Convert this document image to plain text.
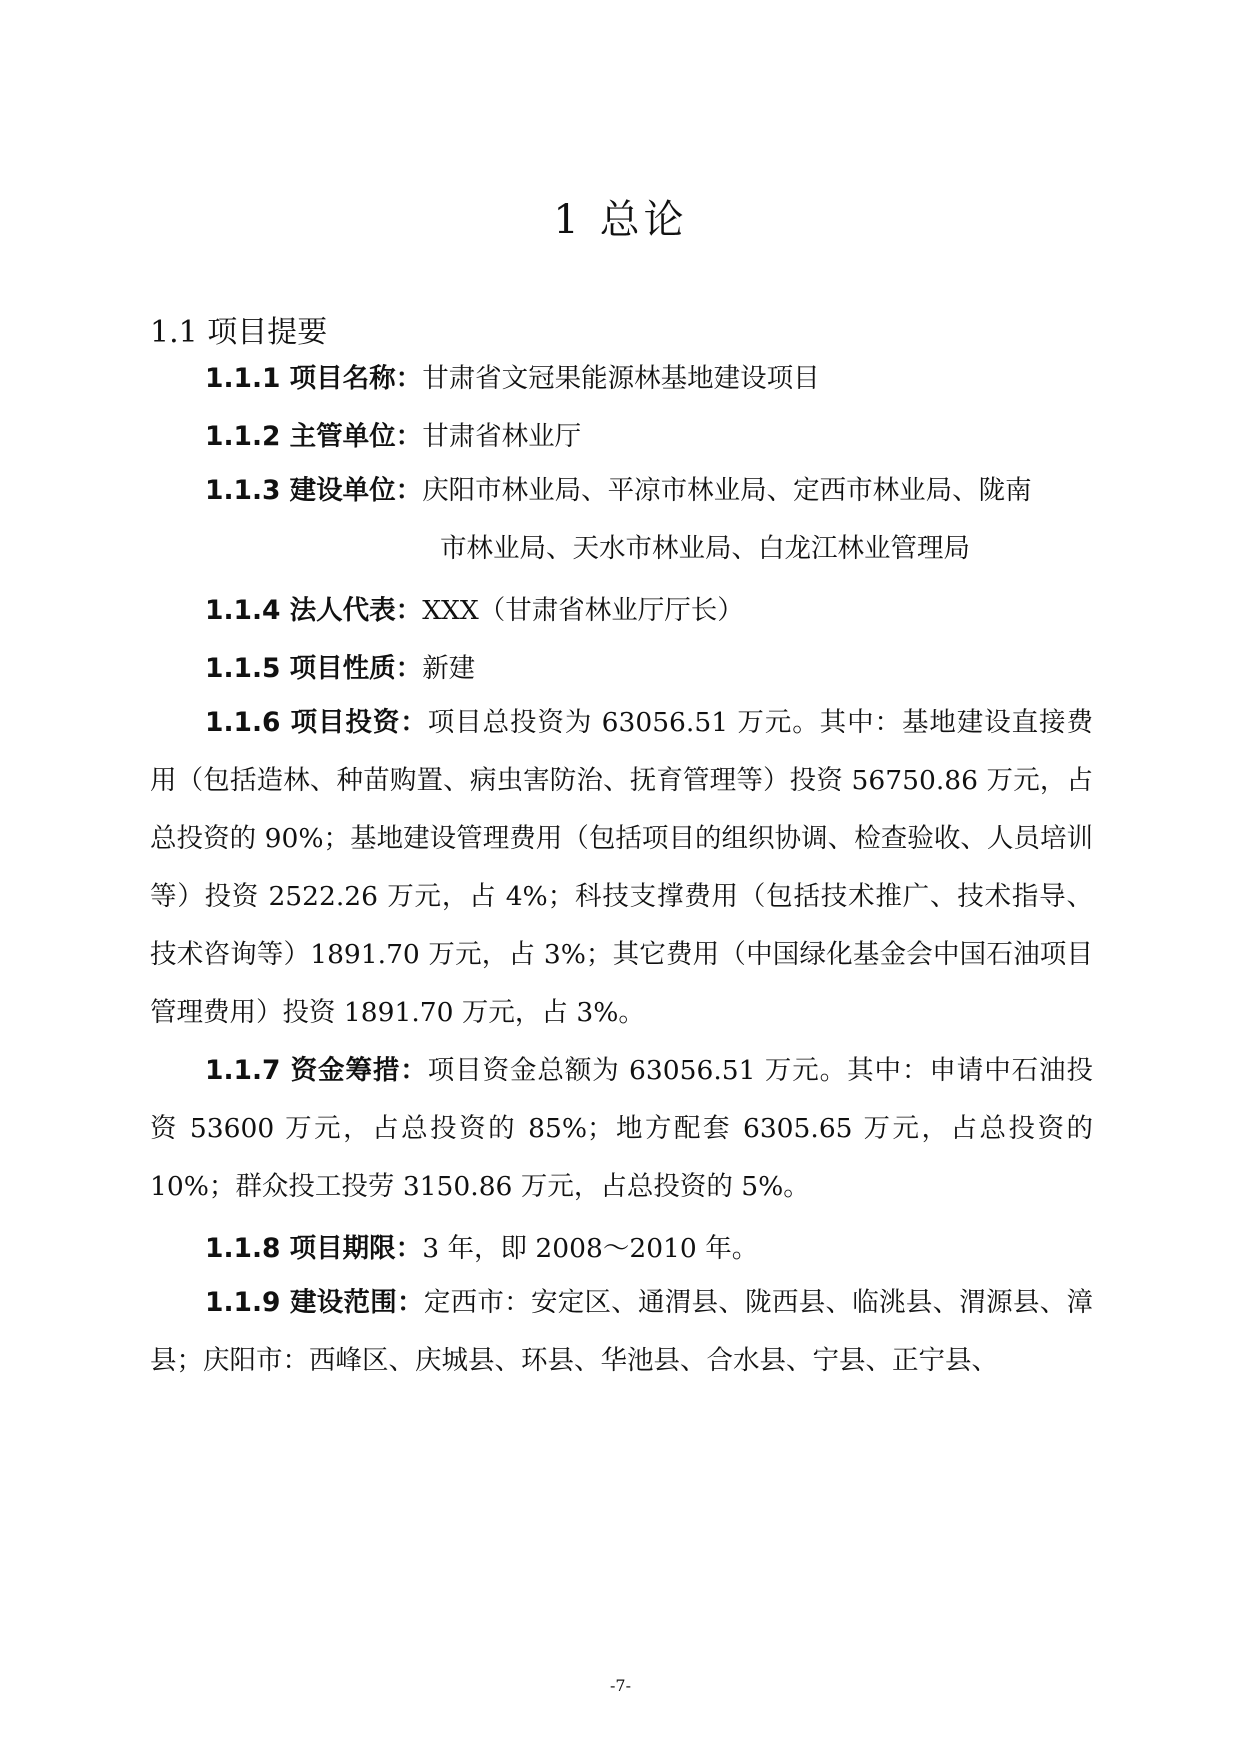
1 总论
1.1 项目提要

1.1.1 项目名称：甘肃省文冠果能源林基地建设项目

1.1.2 主管单位：甘肃省林业厅

1.1.3 建设单位：庆阳市林业局、平凉市林业局、定西市林业局、陇南
市林业局、天水市林业局、白龙江林业管理局

1.1.4 法人代表：XXX（甘肃省林业厅厅长）

1.1.5 项目性质：新建

1.1.6 项目投资：项目总投资为 63056.51 万元。其中：基地建设直接费用（包括造林、种苗购置、病虫害防治、抚育管理等）投资 56750.86 万元，占总投资的 90%；基地建设管理费用（包括项目的组织协调、检查验收、人员培训等）投资 2522.26 万元，占 4%；科技支撑费用（包括技术推广、技术指导、技术咨询等）1891.70 万元，占 3%；其它费用（中国绿化基金会中国石油项目管理费用）投资 1891.70 万元，占 3%。

1.1.7 资金筹措：项目资金总额为 63056.51 万元。其中：申请中石油投资 53600 万元，占总投资的 85%；地方配套 6305.65 万元，占总投资的 10%；群众投工投劳 3150.86 万元，占总投资的 5%。

1.1.8 项目期限：3 年，即 2008～2010 年。

1.1.9 建设范围：定西市：安定区、通渭县、陇西县、临洮县、渭源县、漳县；庆阳市：西峰区、庆城县、环县、华池县、合水县、宁县、正宁县、

-7-
